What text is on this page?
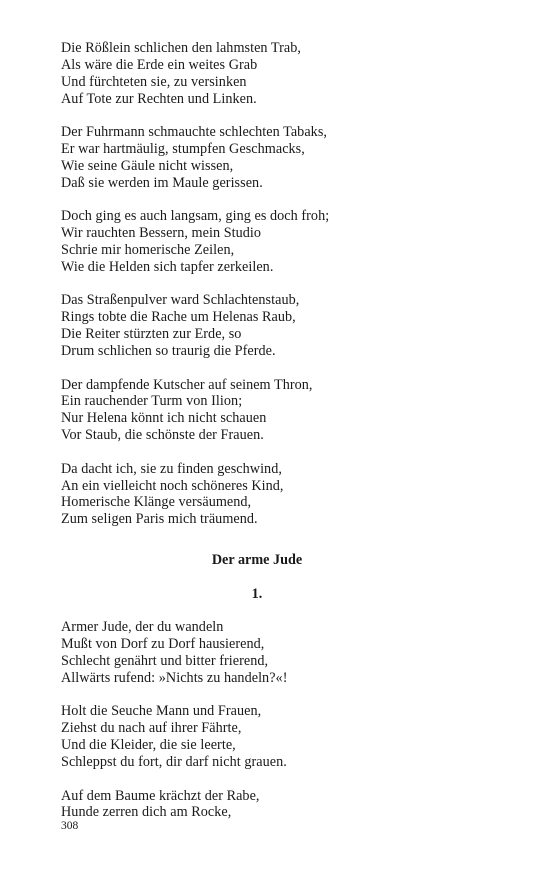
Die Rößlein schlichen den lahmsten Trab,
Als wäre die Erde ein weites Grab
Und fürchteten sie, zu versinken
Auf Tote zur Rechten und Linken.
Der Fuhrmann schmauchte schlechten Tabaks,
Er war hartmäulig, stumpfen Geschmacks,
Wie seine Gäule nicht wissen,
Daß sie werden im Maule gerissen.
Doch ging es auch langsam, ging es doch froh;
Wir rauchten Bessern, mein Studio
Schrie mir homerische Zeilen,
Wie die Helden sich tapfer zerkeilen.
Das Straßenpulver ward Schlachtenstaub,
Rings tobte die Rache um Helenas Raub,
Die Reiter stürzten zur Erde, so
Drum schlichen so traurig die Pferde.
Der dampfende Kutscher auf seinem Thron,
Ein rauchender Turm von Ilion;
Nur Helena könnt ich nicht schauen
Vor Staub, die schönste der Frauen.
Da dacht ich, sie zu finden geschwind,
An ein vielleicht noch schöneres Kind,
Homerische Klänge versäumend,
Zum seligen Paris mich träumend.
Der arme Jude
1.
Armer Jude, der du wandeln
Mußt von Dorf zu Dorf hausierend,
Schlecht genährt und bitter frierend,
Allwärts rufend: »Nichts zu handeln?«!
Holt die Seuche Mann und Frauen,
Ziehst du nach auf ihrer Fährte,
Und die Kleider, die sie leerte,
Schleppst du fort, dir darf nicht grauen.
Auf dem Baume krächzt der Rabe,
Hunde zerren dich am Rocke,
308
